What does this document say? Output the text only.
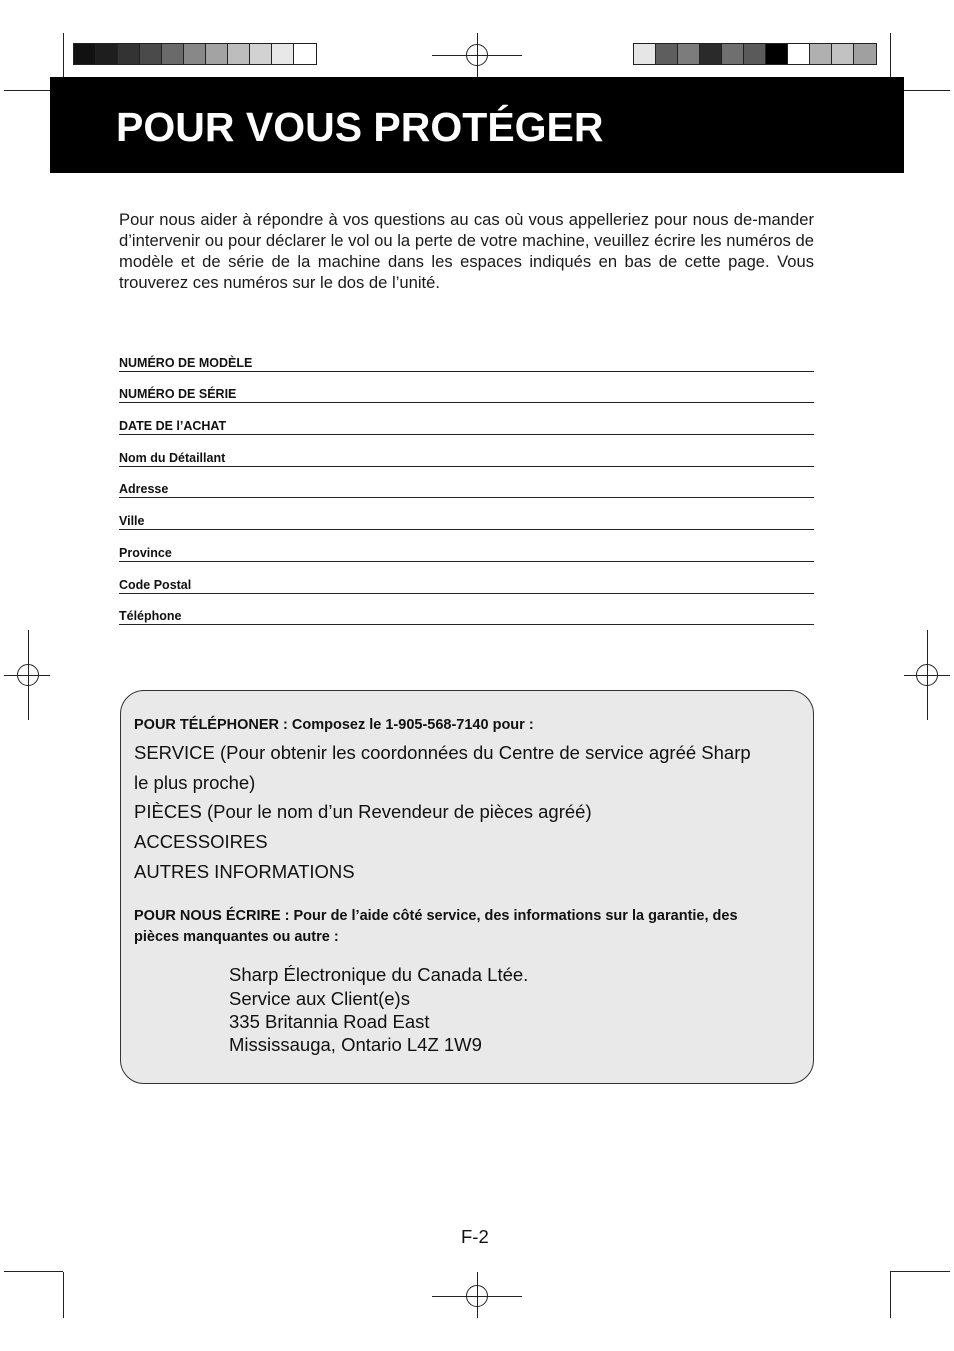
POUR VOUS PROTÉGER

Pour nous aider à répondre à vos questions au cas où vous appelleriez pour nous de-mander d’intervenir ou pour déclarer le vol ou la perte de votre machine, veuillez écrire les numéros de modèle et de série de la machine dans les espaces indiqués en bas de cette page. Vous trouverez ces numéros sur le dos de l’unité.

NUMÉRO DE MODÈLE
NUMÉRO DE SÉRIE
DATE DE l’ACHAT
Nom du Détaillant
Adresse
Ville
Province
Code Postal
Téléphone
POUR TÉLÉPHONER : Composez le 1-905-568-7140 pour :
SERVICE (Pour obtenir les coordonnées du Centre de service agréé Sharp
le plus proche)
PIÈCES (Pour le nom d’un Revendeur de pièces agréé)
ACCESSOIRES
AUTRES INFORMATIONS
POUR NOUS ÉCRIRE : Pour de l’aide côté service, des informations sur la garantie, des
pièces manquantes ou autre :
Sharp Électronique du Canada Ltée.
Service aux Client(e)s
335 Britannia Road East
Mississauga, Ontario L4Z 1W9
F-2
